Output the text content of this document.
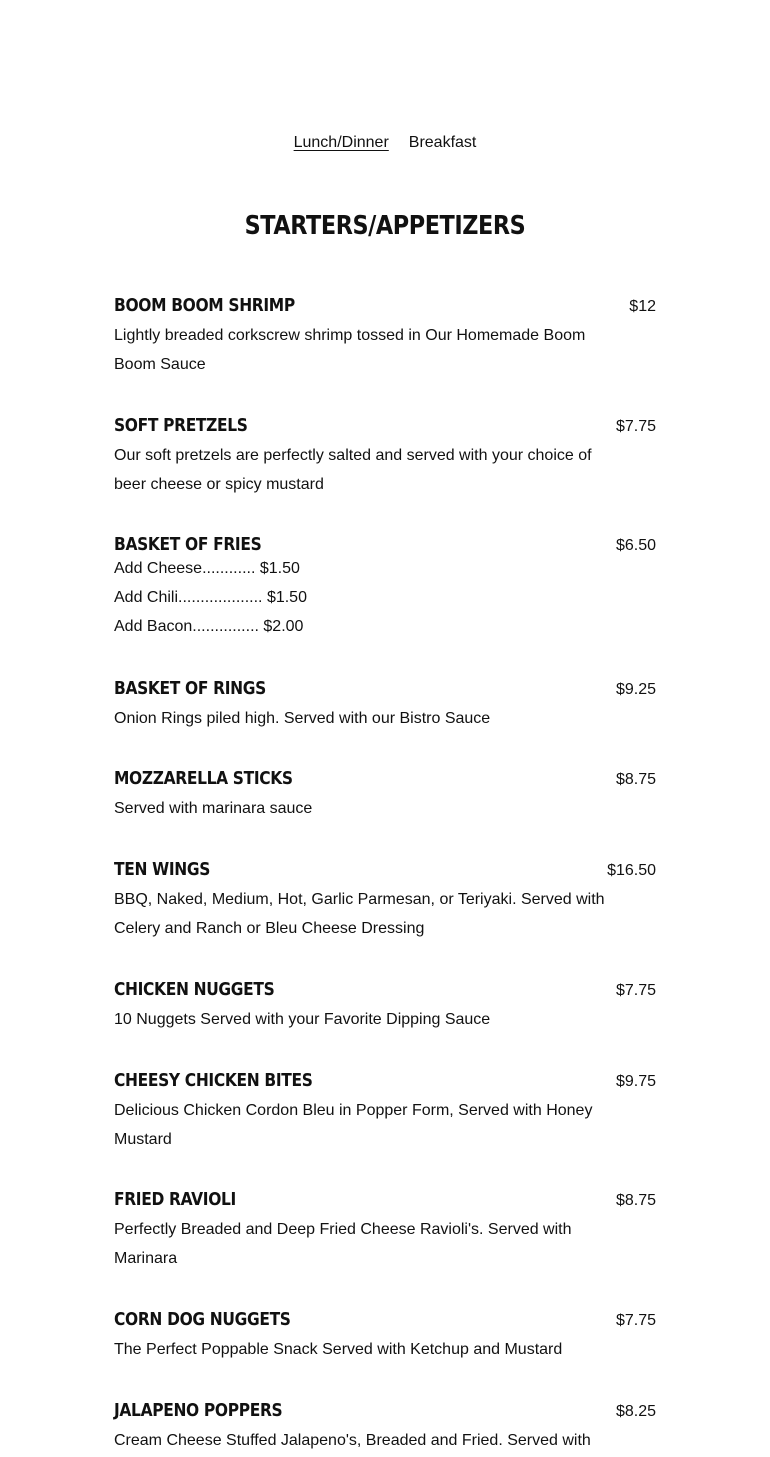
Lunch/Dinner Breakfast
STARTERS/APPETIZERS
BOOM BOOM SHRIMP	$12
Lightly breaded corkscrew shrimp tossed in Our Homemade Boom Boom Sauce
SOFT PRETZELS	$7.75
Our soft pretzels are perfectly salted and served with your choice of beer cheese or spicy mustard
BASKET OF FRIES	$6.50
Add Cheese............ $1.50
Add Chili................... $1.50
Add Bacon............... $2.00
BASKET OF RINGS	$9.25
Onion Rings piled high. Served with our Bistro Sauce
MOZZARELLA STICKS	$8.75
Served with marinara sauce
TEN WINGS	$16.50
BBQ, Naked, Medium, Hot, Garlic Parmesan, or Teriyaki. Served with Celery and Ranch or Bleu Cheese Dressing
CHICKEN NUGGETS	$7.75
10 Nuggets Served with your Favorite Dipping Sauce
CHEESY CHICKEN BITES	$9.75
Delicious Chicken Cordon Bleu in Popper Form, Served with Honey Mustard
FRIED RAVIOLI	$8.75
Perfectly Breaded and Deep Fried Cheese Ravioli's. Served with Marinara
CORN DOG NUGGETS	$7.75
The Perfect Poppable Snack Served with Ketchup and Mustard
JALAPENO POPPERS	$8.25
Cream Cheese Stuffed Jalapeno's, Breaded and Fried. Served with
